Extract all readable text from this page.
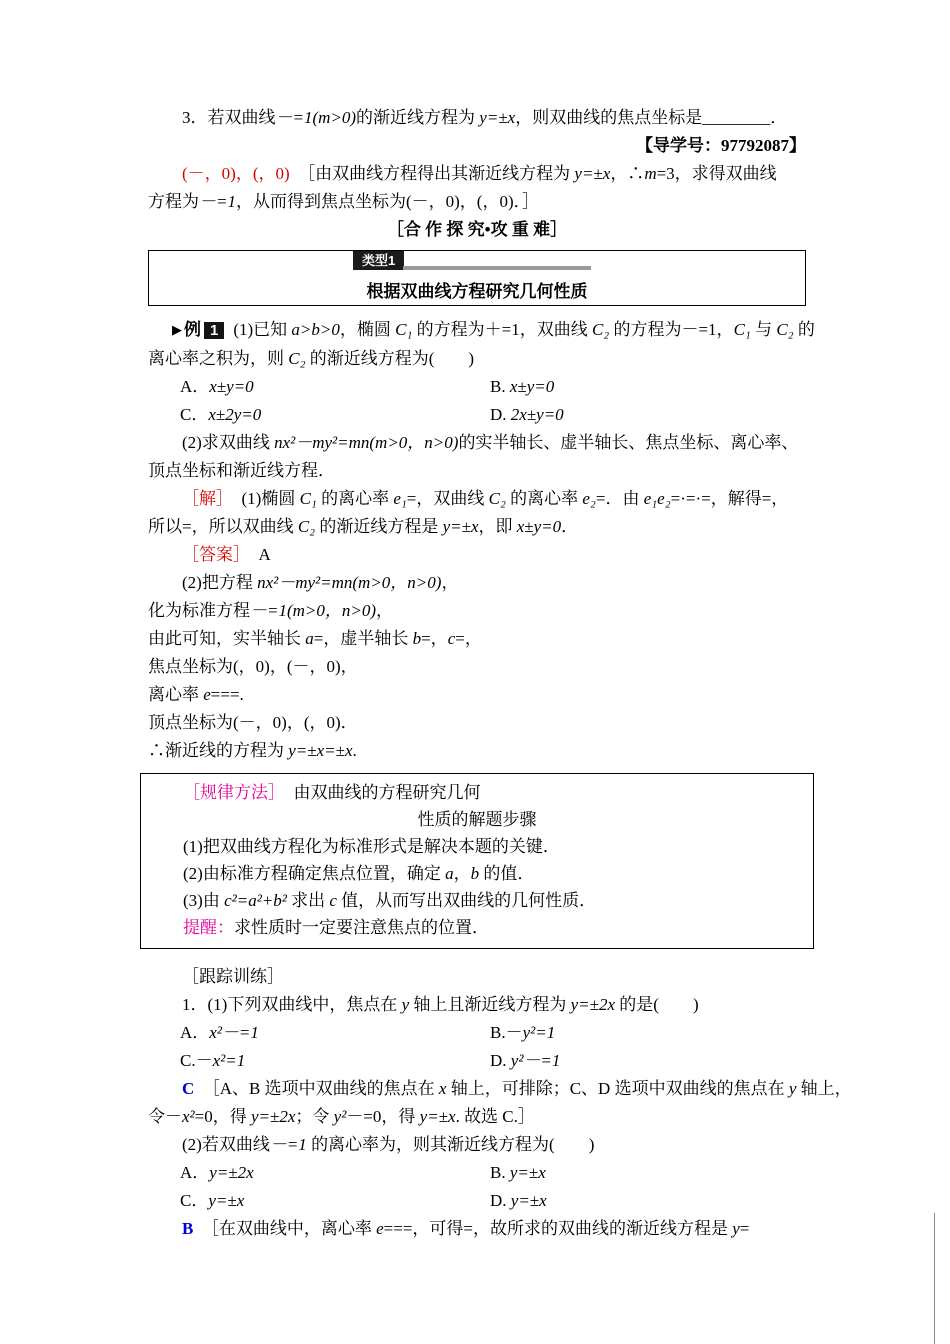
3．若双曲线－=1(m>0)的渐近线方程为 y=±x，则双曲线的焦点坐标是________．
【导学号：97792087】
(－，0)，(，0)　［由双曲线方程得出其渐近线方程为 y=±x，∴m=3，求得双曲线
方程为－=1，从而得到焦点坐标为(－，0)，(，0)．］
［合 作 探 究•攻 重 难］
类型1
根据双曲线方程研究几何性质
▶ 例 1 (1)已知 a>b>0，椭圆 C₁ 的方程为＋=1，双曲线 C₂ 的方程为－=1，C₁ 与 C₂ 的
离心率之积为，则 C₂ 的渐近线方程为(　　)
A．x±y=0	B. x±y=0
C．x±2y=0	D. 2x±y=0
(2)求双曲线 nx²－my²=mn(m>0，n>0)的实半轴长、虚半轴长、焦点坐标、离心率、
顶点坐标和渐近线方程．
［解］　(1)椭圆 C₁ 的离心率 e₁=，双曲线 C₂ 的离心率 e₂=．由 e₁e₂=·=·=，解得=，
所以=，所以双曲线 C₂ 的渐近线方程是 y=±x，即 x±y=0．
［答案］　A
(2)把方程 nx²－my²=mn(m>0，n>0)，
化为标准方程－=1(m>0，n>0)，
由此可知，实半轴长 a=，虚半轴长 b=，c=，
焦点坐标为(，0)，(－，0)，
离心率 e===.
顶点坐标为(－，0)，(，0)．
∴渐近线的方程为 y=±x=±x.
［规律方法］　由双曲线的方程研究几何
性质的解题步骤
(1)把双曲线方程化为标准形式是解决本题的关键．
(2)由标准方程确定焦点位置，确定 a，b 的值．
(3)由 c²=a²+b² 求出 c 值，从而写出双曲线的几何性质．
提醒：求性质时一定要注意焦点的位置．
［跟踪训练］
1．(1)下列双曲线中，焦点在 y 轴上且渐近线方程为 y=±2x 的是(　　)
A．x²－=1	B.－y²=1
C.－x²=1	D. y²－=1
C　［A、B 选项中双曲线的焦点在 x 轴上，可排除；C、D 选项中双曲线的焦点在 y 轴上，
令－x²=0，得 y=±2x；令 y²－=0，得 y=±x. 故选 C.］
(2)若双曲线－=1 的离心率为，则其渐近线方程为(　　)
A．y=±2x	B. y=±x
C．y=±x	D. y=±x
B　［在双曲线中，离心率 e===，可得=，故所求的双曲线的渐近线方程是 y=
